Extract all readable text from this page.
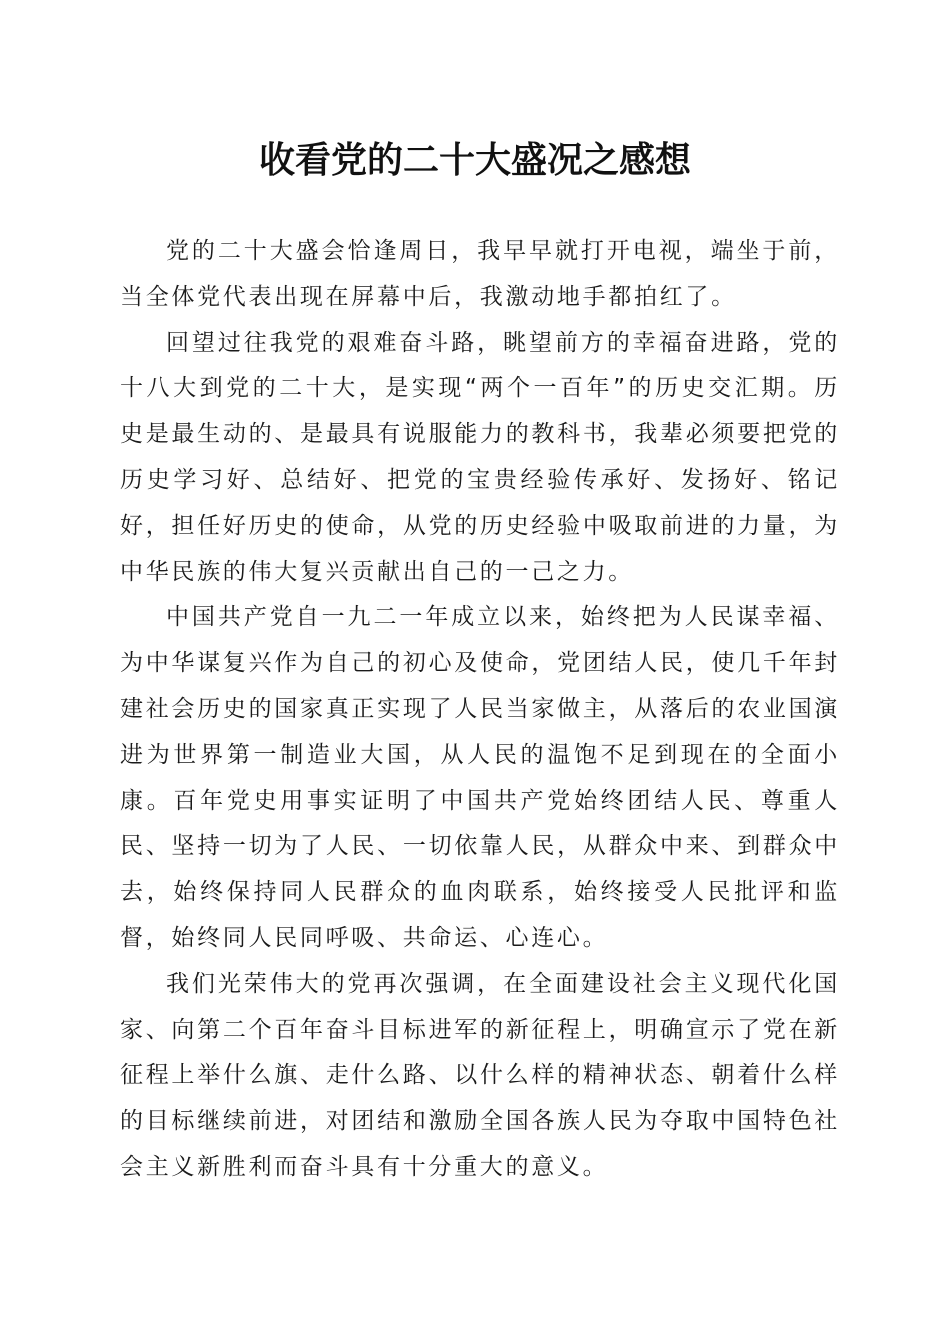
收看党的二十大盛况之感想

党的二十大盛会恰逢周日，我早早就打开电视，端坐于前，当全体党代表出现在屏幕中后，我激动地手都拍红了。

回望过往我党的艰难奋斗路，眺望前方的幸福奋进路，党的十八大到党的二十大，是实现“两个一百年”的历史交汇期。历史是最生动的、是最具有说服能力的教科书，我辈必须要把党的历史学习好、总结好、把党的宝贵经验传承好、发扬好、铭记好，担任好历史的使命，从党的历史经验中吸取前进的力量，为中华民族的伟大复兴贡献出自己的一己之力。

中国共产党自一九二一年成立以来，始终把为人民谋幸福、为中华谋复兴作为自己的初心及使命，党团结人民，使几千年封建社会历史的国家真正实现了人民当家做主，从落后的农业国演进为世界第一制造业大国，从人民的温饱不足到现在的全面小康。百年党史用事实证明了中国共产党始终团结人民、尊重人民、坚持一切为了人民、一切依靠人民，从群众中来、到群众中去，始终保持同人民群众的血肉联系，始终接受人民批评和监督，始终同人民同呼吸、共命运、心连心。

我们光荣伟大的党再次强调，在全面建设社会主义现代化国家、向第二个百年奋斗目标进军的新征程上，明确宣示了党在新征程上举什么旗、走什么路、以什么样的精神状态、朝着什么样的目标继续前进，对团结和激励全国各族人民为夺取中国特色社会主义新胜利而奋斗具有十分重大的意义。
